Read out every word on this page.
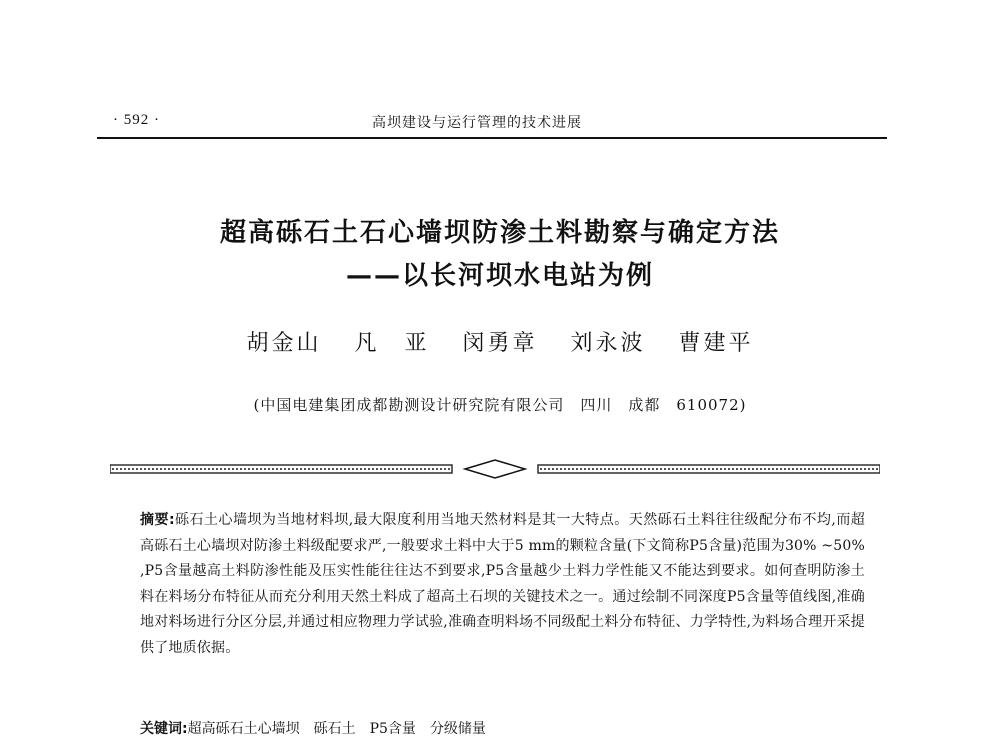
· 592 ·	高坝建设与运行管理的技术进展
超高砾石土石心墙坝防渗土料勘察与确定方法
——以长河坝水电站为例
胡金山 凡　亚 闵勇章 刘永波 曹建平
(中国电建集团成都勘测设计研究院有限公司　四川　成都　610072)
摘要:砾石土心墙坝为当地材料坝,最大限度利用当地天然材料是其一大特点。天然砾石土料往往级配分布不均,而超高砾石土心墙坝对防渗土料级配要求严,一般要求土料中大于5 mm的颗粒含量(下文简称P5含量)范围为30% ~50% ,P5含量越高土料防渗性能及压实性能往往达不到要求,P5含量越少土料力学性能又不能达到要求。如何查明防渗土料在料场分布特征从而充分利用天然土料成了超高土石坝的关键技术之一。通过绘制不同深度P5含量等值线图,准确地对料场进行分区分层,并通过相应物理力学试验,准确查明料场不同级配土料分布特征、力学特性,为料场合理开采提供了地质依据。
关键词:超高砾石土心墙坝 砾石土 P5含量 分级储量
